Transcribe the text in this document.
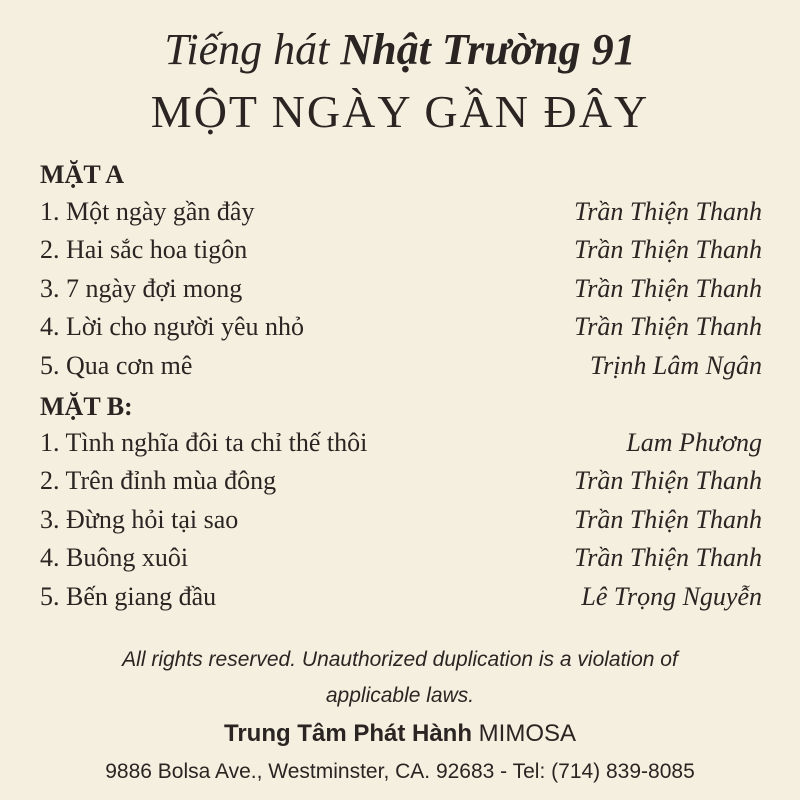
Tiếng hát Nhật Trường 91
MỘT NGÀY GẦN ĐÂY
MẶT A
1. Một ngày gần đây	Trần Thiện Thanh
2. Hai sắc hoa tigôn	Trần Thiện Thanh
3. 7 ngày đợi mong	Trần Thiện Thanh
4. Lời cho người yêu nhỏ	Trần Thiện Thanh
5. Qua cơn mê	Trịnh Lâm Ngân
MẶT B:
1. Tình nghĩa đôi ta chỉ thế thôi	Lam Phương
2. Trên đỉnh mùa đông	Trần Thiện Thanh
3. Đừng hỏi tại sao	Trần Thiện Thanh
4. Buông xuôi	Trần Thiện Thanh
5. Bến giang đầu	Lê Trọng Nguyễn
All rights reserved. Unauthorized duplication is a violation of
applicable laws.
Trung Tâm Phát Hành MIMOSA
9886 Bolsa Ave., Westminster, CA. 92683 - Tel: (714) 839-8085
